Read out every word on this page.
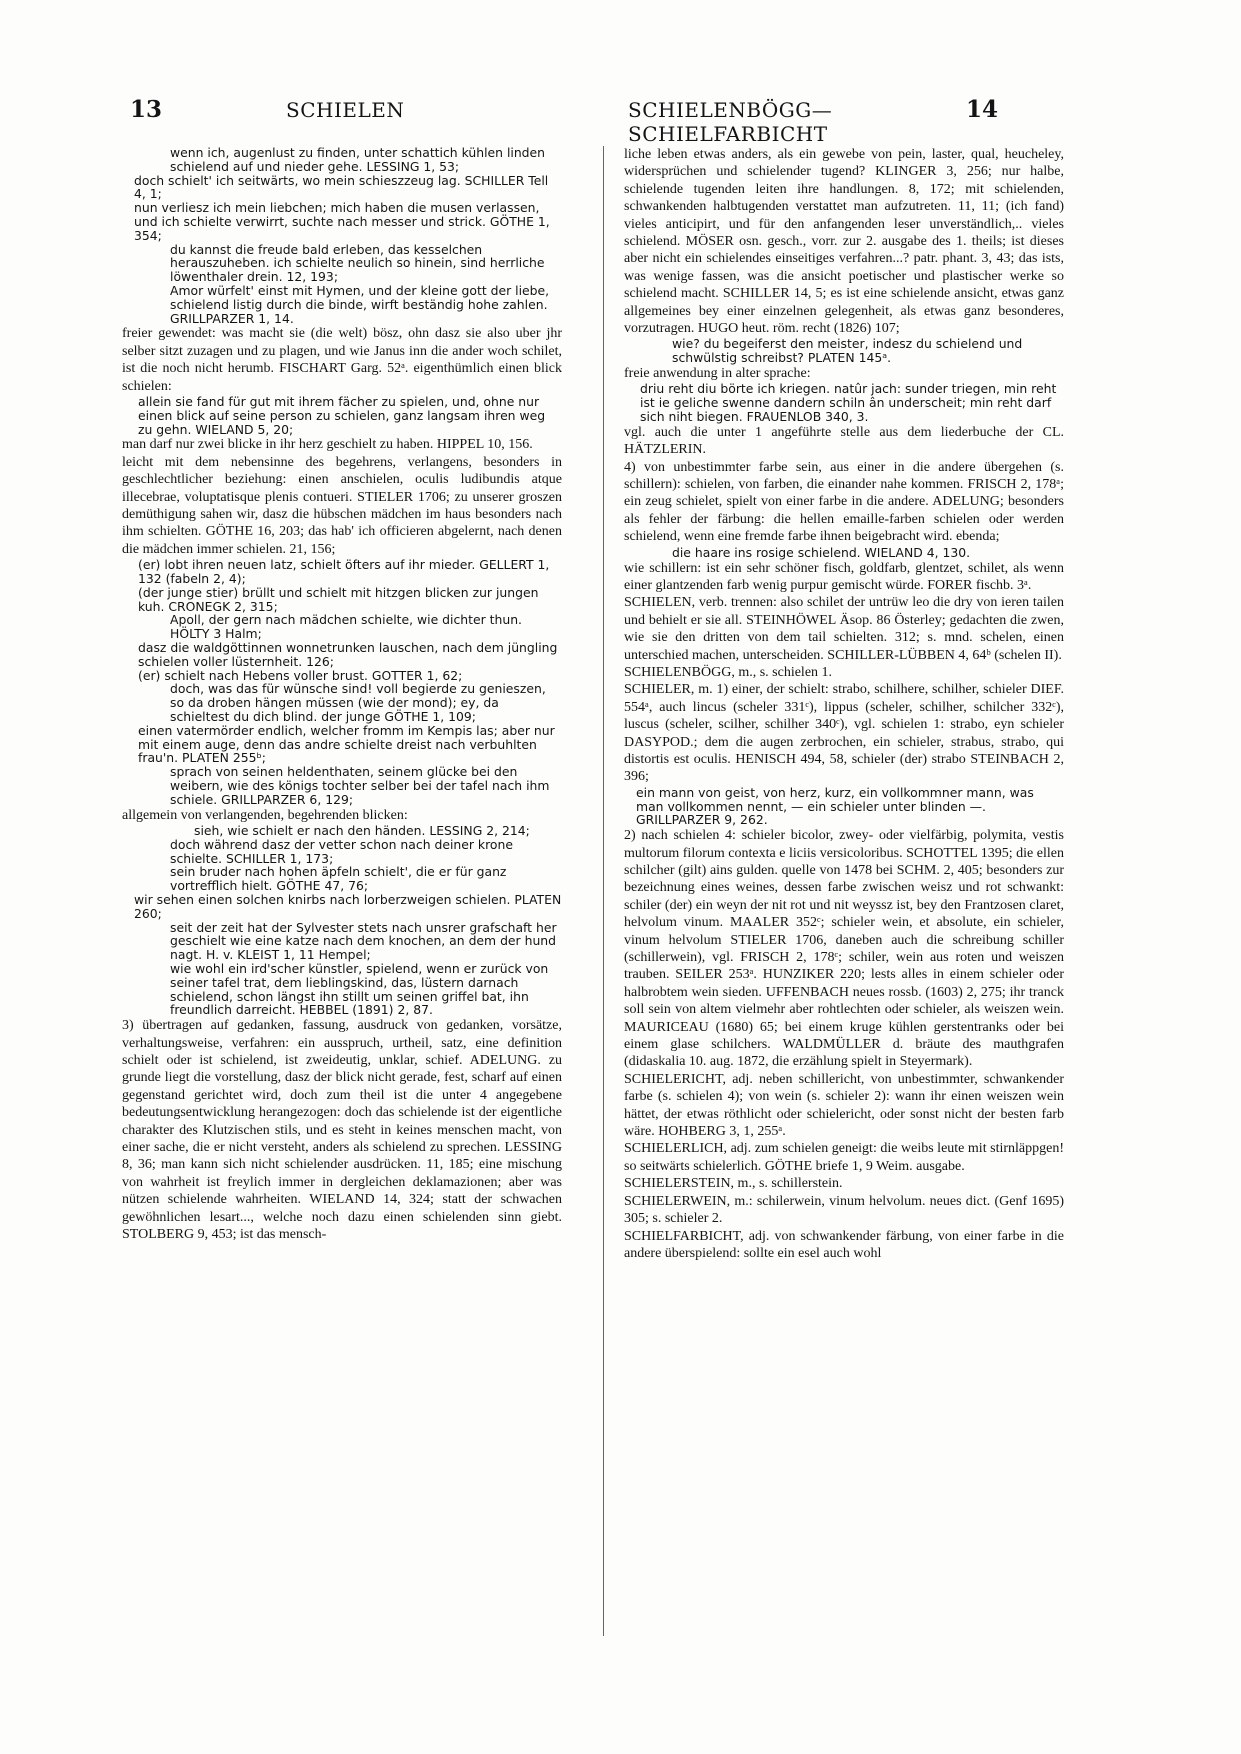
13	SCHIELEN	SCHIELENBÖGG—SCHIELFARBICHT
14

wenn ich, augenlust zu finden, unter schattich kühlen linden schielend auf und nieder gehe. LESSING 1, 53;

doch schielt' ich seitwärts, wo mein schieszzeug lag. SCHILLER Tell 4, 1;

nun verliesz ich mein liebchen; mich haben die musen verlassen, und ich schielte verwirrt, suchte nach messer und strick. GÖTHE 1, 354;

du kannst die freude bald erleben, das kesselchen herauszuheben. ich schielte neulich so hinein, sind herrliche löwenthaler drein. 12, 193;

Amor würfelt' einst mit Hymen, und der kleine gott der liebe, schielend listig durch die binde, wirft beständig hohe zahlen. GRILLPARZER 1, 14.

freier gewendet: was macht sie (die welt) bösz, ohn dasz sie also uber jhr selber sitzt zuzagen und zu plagen, und wie Janus inn die ander woch schilet, ist die noch nicht herumb. FISCHART Garg. 52ᵃ. eigenthümlich einen blick schielen:

allein sie fand für gut mit ihrem fächer zu spielen, und, ohne nur einen blick auf seine person zu schielen, ganz langsam ihren weg zu gehn. WIELAND 5, 20;

man darf nur zwei blicke in ihr herz geschielt zu haben. HIPPEL 10, 156.

leicht mit dem nebensinne des begehrens, verlangens, besonders in geschlechtlicher beziehung: einen anschielen, oculis ludibundis atque illecebrae, voluptatisque plenis contueri. STIELER 1706; zu unserer groszen demüthigung sahen wir, dasz die hübschen mädchen im haus besonders nach ihm schielten. GÖTHE 16, 203; das hab' ich officieren abgelernt, nach denen die mädchen immer schielen. 21, 156;

(er) lobt ihren neuen latz, schielt öfters auf ihr mieder. GELLERT 1, 132 (fabeln 2, 4);

(der junge stier) brüllt und schielt mit hitzgen blicken zur jungen kuh. CRONEGK 2, 315;

Apoll, der gern nach mädchen schielte, wie dichter thun. HÖLTY 3 Halm;

dasz die waldgöttinnen wonnetrunken lauschen, nach dem jüngling schielen voller lüsternheit. 126;

(er) schielt nach Hebens voller brust. GOTTER 1, 62;

doch, was das für wünsche sind! voll begierde zu genieszen, so da droben hängen müssen (wie der mond); ey, da schieltest du dich blind. der junge GÖTHE 1, 109;

einen vatermörder endlich, welcher fromm im Kempis las; aber nur mit einem auge, denn das andre schielte dreist nach verbuhlten frau'n. PLATEN 255ᵇ;

sprach von seinen heldenthaten, seinem glücke bei den weibern, wie des königs tochter selber bei der tafel nach ihm schiele. GRILLPARZER 6, 129;

allgemein von verlangenden, begehrenden blicken:

sieh, wie schielt er nach den händen. LESSING 2, 214;

doch während dasz der vetter schon nach deiner krone schielte. SCHILLER 1, 173;

sein bruder nach hohen äpfeln schielt', die er für ganz vortrefflich hielt. GÖTHE 47, 76;

wir sehen einen solchen knirbs nach lorberzweigen schielen. PLATEN 260;

seit der zeit hat der Sylvester stets nach unsrer grafschaft her geschielt wie eine katze nach dem knochen, an dem der hund nagt. H. v. KLEIST 1, 11 Hempel;

wie wohl ein ird'scher künstler, spielend, wenn er zurück von seiner tafel trat, dem lieblingskind, das, lüstern darnach schielend, schon längst ihn stillt um seinen griffel bat, ihn freundlich darreicht. HEBBEL (1891) 2, 87.

3) übertragen auf gedanken, fassung, ausdruck von gedanken, vorsätze, verhaltungsweise, verfahren: ein ausspruch, urtheil, satz, eine definition schielt oder ist schielend, ist zweideutig, unklar, schief. ADELUNG. zu grunde liegt die vorstellung, dasz der blick nicht gerade, fest, scharf auf einen gegenstand gerichtet wird, doch zum theil ist die unter 4 angegebene bedeutungsentwicklung herangezogen: doch das schielende ist der eigentliche charakter des Klutzischen stils, und es steht in keines menschen macht, von einer sache, die er nicht versteht, anders als schielend zu sprechen. LESSING 8, 36; man kann sich nicht schielender ausdrücken. 11, 185; eine mischung von wahrheit ist freylich immer in dergleichen deklamazionen; aber was nützen schielende wahrheiten. WIELAND 14, 324; statt der schwachen gewöhnlichen lesart..., welche noch dazu einen schielenden sinn giebt. STOLBERG 9, 453; ist das mensch-

liche leben etwas anders, als ein gewebe von pein, laster, qual, heucheley, widersprüchen und schielender tugend? KLINGER 3, 256; nur halbe, schielende tugenden leiten ihre handlungen. 8, 172; mit schielenden, schwankenden halbtugenden verstattet man aufzutreten. 11, 11; (ich fand) vieles anticipirt, und für den anfangenden leser unverständlich,.. vieles schielend. MÖSER osn. gesch., vorr. zur 2. ausgabe des 1. theils; ist dieses aber nicht ein schielendes einseitiges verfahren...? patr. phant. 3, 43; das ists, was wenige fassen, was die ansicht poetischer und plastischer werke so schielend macht. SCHILLER 14, 5; es ist eine schielende ansicht, etwas ganz allgemeines bey einer einzelnen gelegenheit, als etwas ganz besonderes, vorzutragen. HUGO heut. röm. recht (1826) 107;

wie? du begeiferst den meister, indesz du schielend und schwülstig schreibst? PLATEN 145ᵃ.

freie anwendung in alter sprache:

driu reht diu börte ich kriegen. natûr jach: sunder triegen, min reht ist ie geliche swenne dandern schiln ân underscheit; min reht darf sich niht biegen. FRAUENLOB 340, 3.

vgl. auch die unter 1 angeführte stelle aus dem liederbuche der CL. HÄTZLERIN.

4) von unbestimmter farbe sein, aus einer in die andere übergehen (s. schillern): schielen, von farben, die einander nahe kommen. FRISCH 2, 178ᵃ; ein zeug schielet, spielt von einer farbe in die andere. ADELUNG; besonders als fehler der färbung: die hellen emaille-farben schielen oder werden schielend, wenn eine fremde farbe ihnen beigebracht wird. ebenda;

die haare ins rosige schielend. WIELAND 4, 130.

wie schillern: ist ein sehr schöner fisch, goldfarb, glentzet, schilet, als wenn einer glantzenden farb wenig purpur gemischt würde. FORER fischb. 3ᵃ.

SCHIELEN, verb. trennen: also schilet der untrüw leo die dry von ieren tailen und behielt er sie all. STEINHÖWEL Äsop. 86 Österley; gedachten die zwen, wie sie den dritten von dem tail schielten. 312; s. mnd. schelen, einen unterschied machen, unterscheiden. SCHILLER-LÜBBEN 4, 64ᵇ (schelen II).

SCHIELENBÖGG, m., s. schielen 1.

SCHIELER, m. 1) einer, der schielt: strabo, schilhere, schilher, schieler DIEF. 554ᵃ, auch lincus (scheler 331ᶜ), lippus (scheler, schilher, schilcher 332ᶜ), luscus (scheler, scilher, schilher 340ᶜ), vgl. schielen 1: strabo, eyn schieler DASYPOD.; dem die augen zerbrochen, ein schieler, strabus, strabo, qui distortis est oculis. HENISCH 494, 58, schieler (der) strabo STEINBACH 2, 396;

ein mann von geist, von herz, kurz, ein vollkommner mann, was man vollkommen nennt, — ein schieler unter blinden —. GRILLPARZER 9, 262.

2) nach schielen 4: schieler bicolor, zwey- oder vielfärbig, polymita, vestis multorum filorum contexta e liciis versicoloribus. SCHOTTEL 1395; die ellen schilcher (gilt) ains gulden. quelle von 1478 bei SCHM. 2, 405; besonders zur bezeichnung eines weines, dessen farbe zwischen weisz und rot schwankt: schiler (der) ein weyn der nit rot und nit weyssz ist, bey den Frantzosen claret, helvolum vinum. MAALER 352ᶜ; schieler wein, et absolute, ein schieler, vinum helvolum STIELER 1706, daneben auch die schreibung schiller (schillerwein), vgl. FRISCH 2, 178ᶜ; schiler, wein aus roten und weiszen trauben. SEILER 253ᵃ. HUNZIKER 220; lests alles in einem schieler oder halbrobtem wein sieden. UFFENBACH neues rossb. (1603) 2, 275; ihr tranck soll sein von altem vielmehr aber rohtlechten oder schieler, als weiszen wein. MAURICEAU (1680) 65; bei einem kruge kühlen gerstentranks oder bei einem glase schilchers. WALDMÜLLER d. bräute des mauthgrafen (didaskalia 10. aug. 1872, die erzählung spielt in Steyermark).

SCHIELERICHT, adj. neben schillericht, von unbestimmter, schwankender farbe (s. schielen 4); von wein (s. schieler 2): wann ihr einen weiszen wein hättet, der etwas röthlicht oder schielericht, oder sonst nicht der besten farb wäre. HOHBERG 3, 1, 255ᵃ.

SCHIELERLICH, adj. zum schielen geneigt: die weibs leute mit stirnläppgen! so seitwärts schielerlich. GÖTHE briefe 1, 9 Weim. ausgabe.

SCHIELERSTEIN, m., s. schillerstein.

SCHIELERWEIN, m.: schilerwein, vinum helvolum. neues dict. (Genf 1695) 305; s. schieler 2.

SCHIELFARBICHT, adj. von schwankender färbung, von einer farbe in die andere überspielend: sollte ein esel auch wohl
